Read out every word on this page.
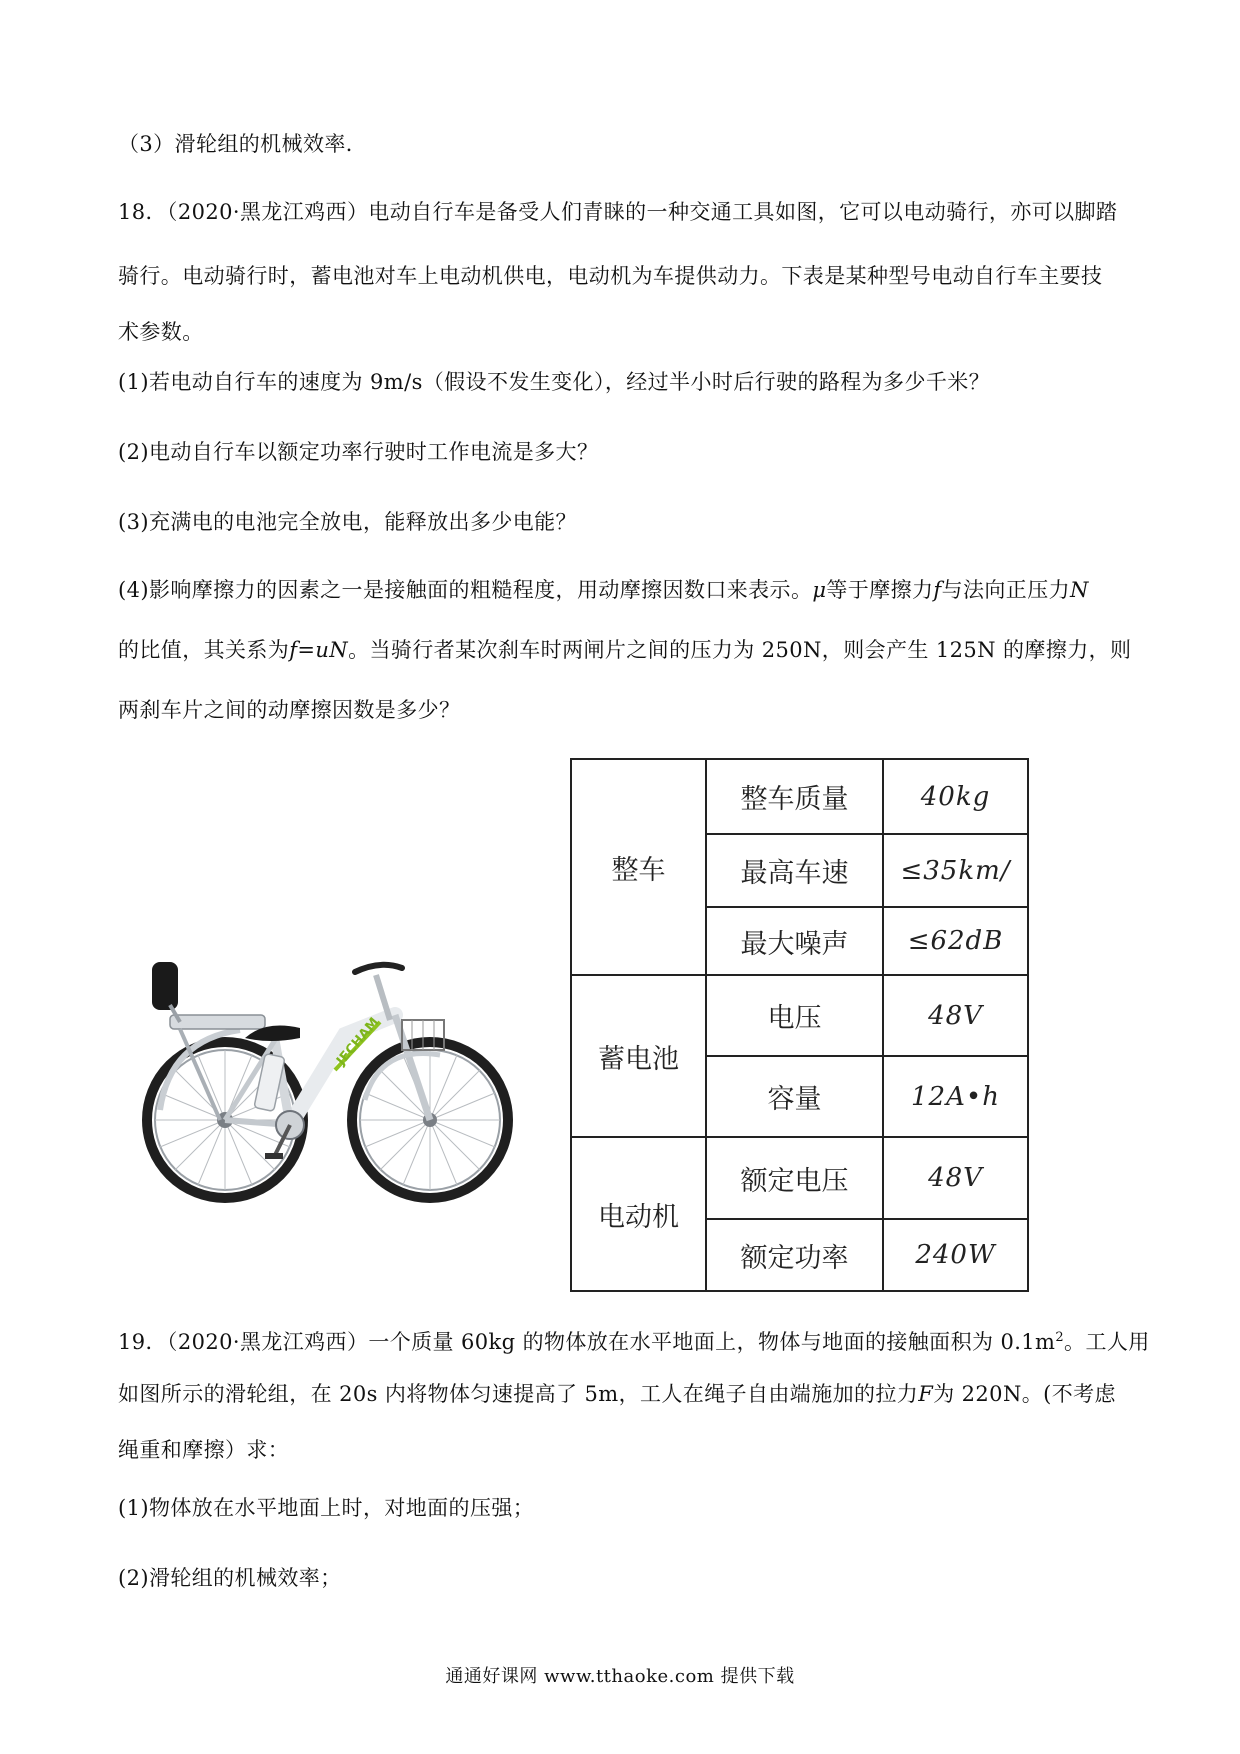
（3）滑轮组的机械效率．
18．（2020·黑龙江鸡西）电动自行车是备受人们青睐的一种交通工具如图，它可以电动骑行，亦可以脚踏
骑行。电动骑行时，蓄电池对车上电动机供电，电动机为车提供动力。下表是某种型号电动自行车主要技
术参数。
(1)若电动自行车的速度为 9m/s（假设不发生变化），经过半小时后行驶的路程为多少千米？
(2)电动自行车以额定功率行驶时工作电流是多大？
(3)充满电的电池完全放电，能释放出多少电能？
(4)影响摩擦力的因素之一是接触面的粗糙程度，用动摩擦因数口来表示。μ等于摩擦力f与法向正压力N
的比值，其关系为f=uN。当骑行者某次刹车时两闸片之间的压力为 250N，则会产生 125N 的摩擦力，则
两刹车片之间的动摩擦因数是多少？
JECHAM
整车	整车质量	40kg
	最高车速	≤35km/
	最大噪声	≤62dB
蓄电池	电压	48V
	容量	12A•h
电动机	额定电压	48V
	额定功率	240W
19．（2020·黑龙江鸡西）一个质量 60kg 的物体放在水平地面上，物体与地面的接触面积为 $0.1m^2$。工人用
如图所示的滑轮组，在 20s 内将物体匀速提高了 5m，工人在绳子自由端施加的拉力F为 220N。(不考虑
绳重和摩擦）求：
(1)物体放在水平地面上时，对地面的压强；
(2)滑轮组的机械效率；
通通好课网 www.tthaoke.com 提供下载
